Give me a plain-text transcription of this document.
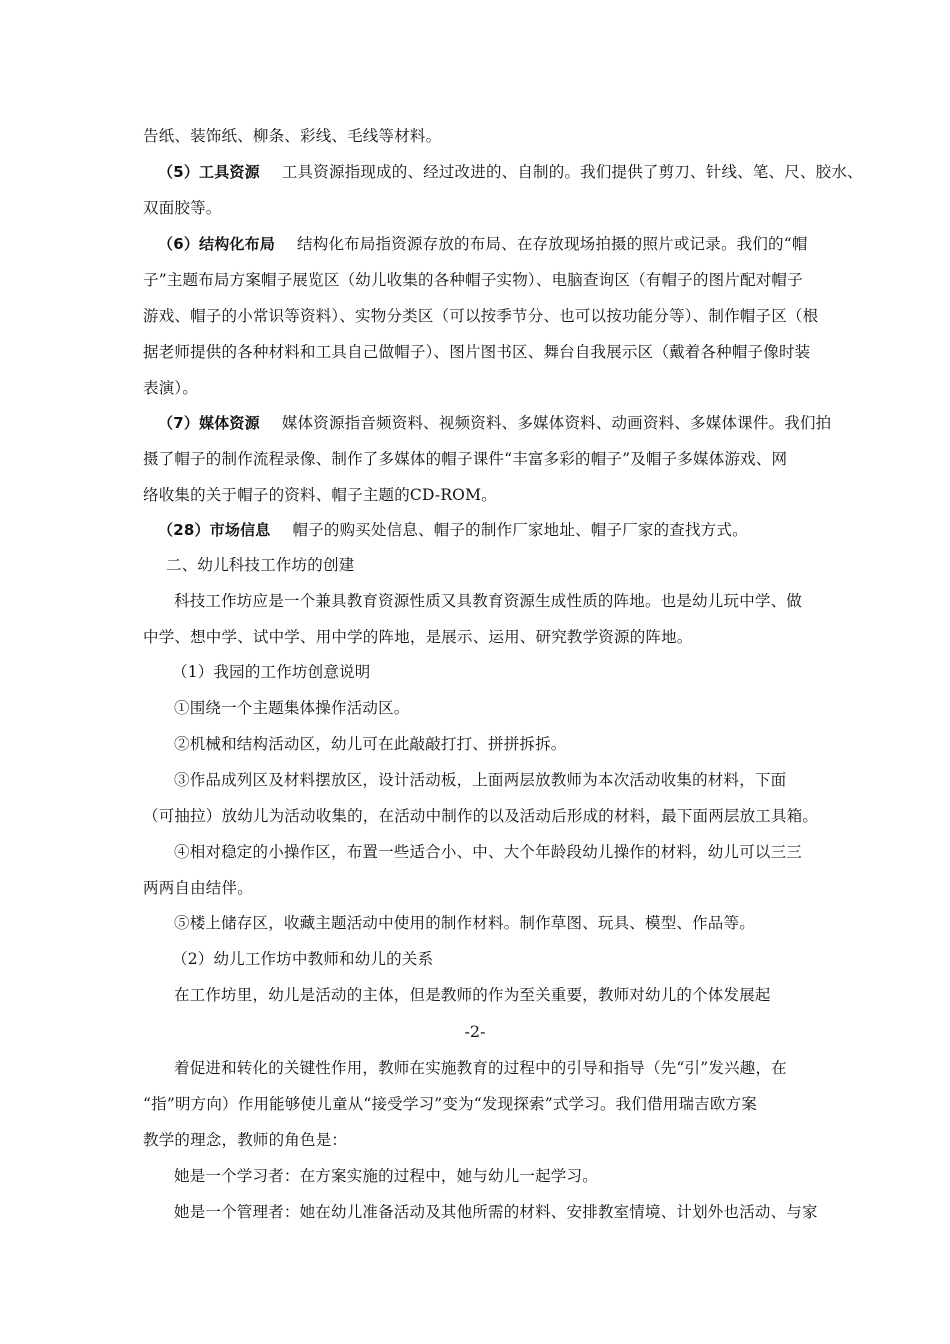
告纸、装饰纸、柳条、彩线、毛线等材料。
（5）工具资源 工具资源指现成的、经过改进的、自制的。我们提供了剪刀、针线、笔、尺、胶水、
双面胶等。
（6）结构化布局 结构化布局指资源存放的布局、在存放现场拍摄的照片或记录。我们的“帽
子”主题布局方案帽子展览区（幼儿收集的各种帽子实物）、电脑查询区（有帽子的图片配对帽子
游戏、帽子的小常识等资料）、实物分类区（可以按季节分、也可以按功能分等）、制作帽子区（根
据老师提供的各种材料和工具自己做帽子）、图片图书区、舞台自我展示区（戴着各种帽子像时装
表演）。
（7）媒体资源 媒体资源指音频资料、视频资料、多媒体资料、动画资料、多媒体课件。我们拍
摄了帽子的制作流程录像、制作了多媒体的帽子课件“丰富多彩的帽子”及帽子多媒体游戏、网
络收集的关于帽子的资料、帽子主题的CD-ROM。
（28）市场信息 帽子的购买处信息、帽子的制作厂家地址、帽子厂家的查找方式。
二、幼儿科技工作坊的创建
科技工作坊应是一个兼具教育资源性质又具教育资源生成性质的阵地。也是幼儿玩中学、做
中学、想中学、试中学、用中学的阵地，是展示、运用、研究教学资源的阵地。
（1）我园的工作坊创意说明
①围绕一个主题集体操作活动区。
②机械和结构活动区，幼儿可在此敲敲打打、拼拼拆拆。
③作品成列区及材料摆放区，设计活动板，上面两层放教师为本次活动收集的材料，下面
（可抽拉）放幼儿为活动收集的，在活动中制作的以及活动后形成的材料，最下面两层放工具箱。
④相对稳定的小操作区，布置一些适合小、中、大个年龄段幼儿操作的材料，幼儿可以三三
两两自由结伴。
⑤楼上储存区，收藏主题活动中使用的制作材料。制作草图、玩具、模型、作品等。
（2）幼儿工作坊中教师和幼儿的关系
在工作坊里，幼儿是活动的主体，但是教师的作为至关重要，教师对幼儿的个体发展起
-2-
着促进和转化的关键性作用，教师在实施教育的过程中的引导和指导（先“引”发兴趣，在
“指”明方向）作用能够使儿童从“接受学习”变为“发现探索”式学习。我们借用瑞吉欧方案
教学的理念，教师的角色是：
她是一个学习者：在方案实施的过程中，她与幼儿一起学习。
她是一个管理者：她在幼儿准备活动及其他所需的材料、安排教室情境、计划外也活动、与家
